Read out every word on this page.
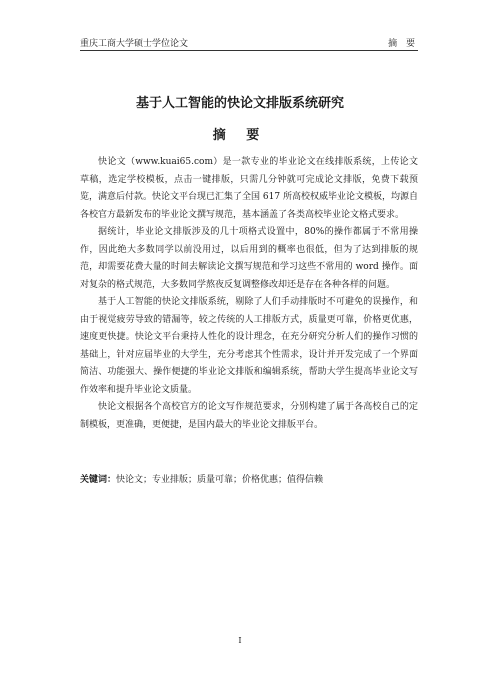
重庆工商大学硕士学位论文	摘 要
基于人工智能的快论文排版系统研究
摘 要

快论文（www.kuai65.com）是一款专业的毕业论文在线排版系统，上传论文草稿，选定学校模板，点击一键排版，只需几分钟就可完成论文排版，免费下载预览，满意后付款。快论文平台现已汇集了全国 617 所高校权威毕业论文模板，均源自各校官方最新发布的毕业论文撰写规范，基本涵盖了各类高校毕业论文格式要求。

据统计，毕业论文排版涉及的几十项格式设置中，80%的操作都属于不常用操作，因此绝大多数同学以前没用过，以后用到的概率也很低，但为了达到排版的规范，却需要花费大量的时间去解读论文撰写规范和学习这些不常用的 word 操作。面对复杂的格式规范，大多数同学熬夜反复调整修改却还是存在各种各样的问题。

基于人工智能的快论文排版系统，剔除了人们手动排版时不可避免的误操作，和由于视觉疲劳导致的错漏等，较之传统的人工排版方式，质量更可靠，价格更优惠，速度更快捷。快论文平台秉持人性化的设计理念，在充分研究分析人们的操作习惯的基础上，针对应届毕业的大学生，充分考虑其个性需求，设计并开发完成了一个界面简洁、功能强大、操作便捷的毕业论文排版和编辑系统，帮助大学生提高毕业论文写作效率和提升毕业论文质量。

快论文根据各个高校官方的论文写作规范要求，分别构建了属于各高校自己的定制模板，更准确，更便捷，是国内最大的毕业论文排版平台。

关键词：快论文；专业排版；质量可靠；价格优惠；值得信赖
I
